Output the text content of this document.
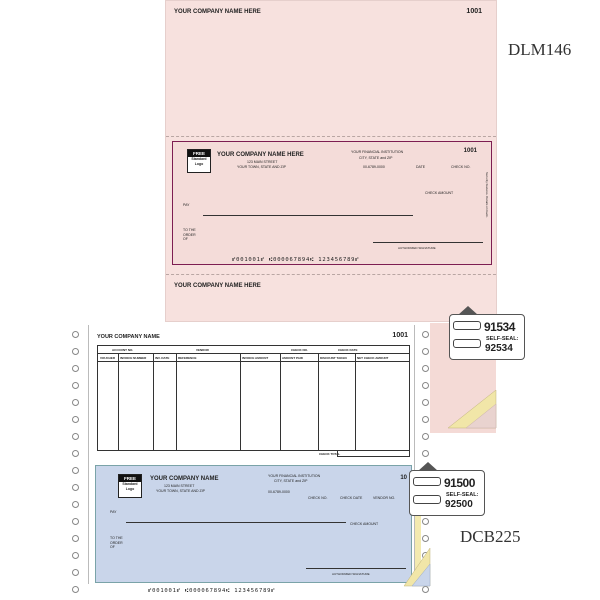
YOUR COMPANY NAME HERE	1001
FREE
Standard
Logo
YOUR COMPANY NAME HERE
123 MAIN STREET
YOUR TOWN, STATE AND ZIP
YOUR FINANCIAL INSTITUTION
CITY, STATE and ZIP
1001
00-6789-0000	DATE	CHECK NO.
CHECK AMOUNT
PAY
TO THE
ORDER
OF
AUTHORIZED SIGNATURE
Security features. Details on back.
⑈001001⑈ ⑆000067894⑆ 123456789⑈
YOUR COMPANY NAME HERE
DLM146
91534
SELF-SEAL:
92534
YOUR COMPANY NAME	1001
ACCOUNT NO.	VENDOR	CHECK NO.	CHECK DATE
VOUCHER INVOICE NUMBER	INV. DATE	REFERENCE	INVOICE AMOUNT	AMOUNT PAID	DISCOUNT TAKEN	NET CHECK AMOUNT
CHECK TOTAL
FREE
Standard
Logo
YOUR COMPANY NAME
123 MAIN STREET
YOUR TOWN, STATE AND ZIP
YOUR FINANCIAL INSTITUTION
CITY, STATE and ZIP	10
00-6789-0000
CHECK NO.	CHECK DATE	VENDOR NO.
CHECK AMOUNT
PAY
TO THE
ORDER
OF
AUTHORIZED SIGNATURE
⑈001001⑈ ⑆000067894⑆ 123456789⑈
91500
SELF-SEAL:
92500
DCB225
